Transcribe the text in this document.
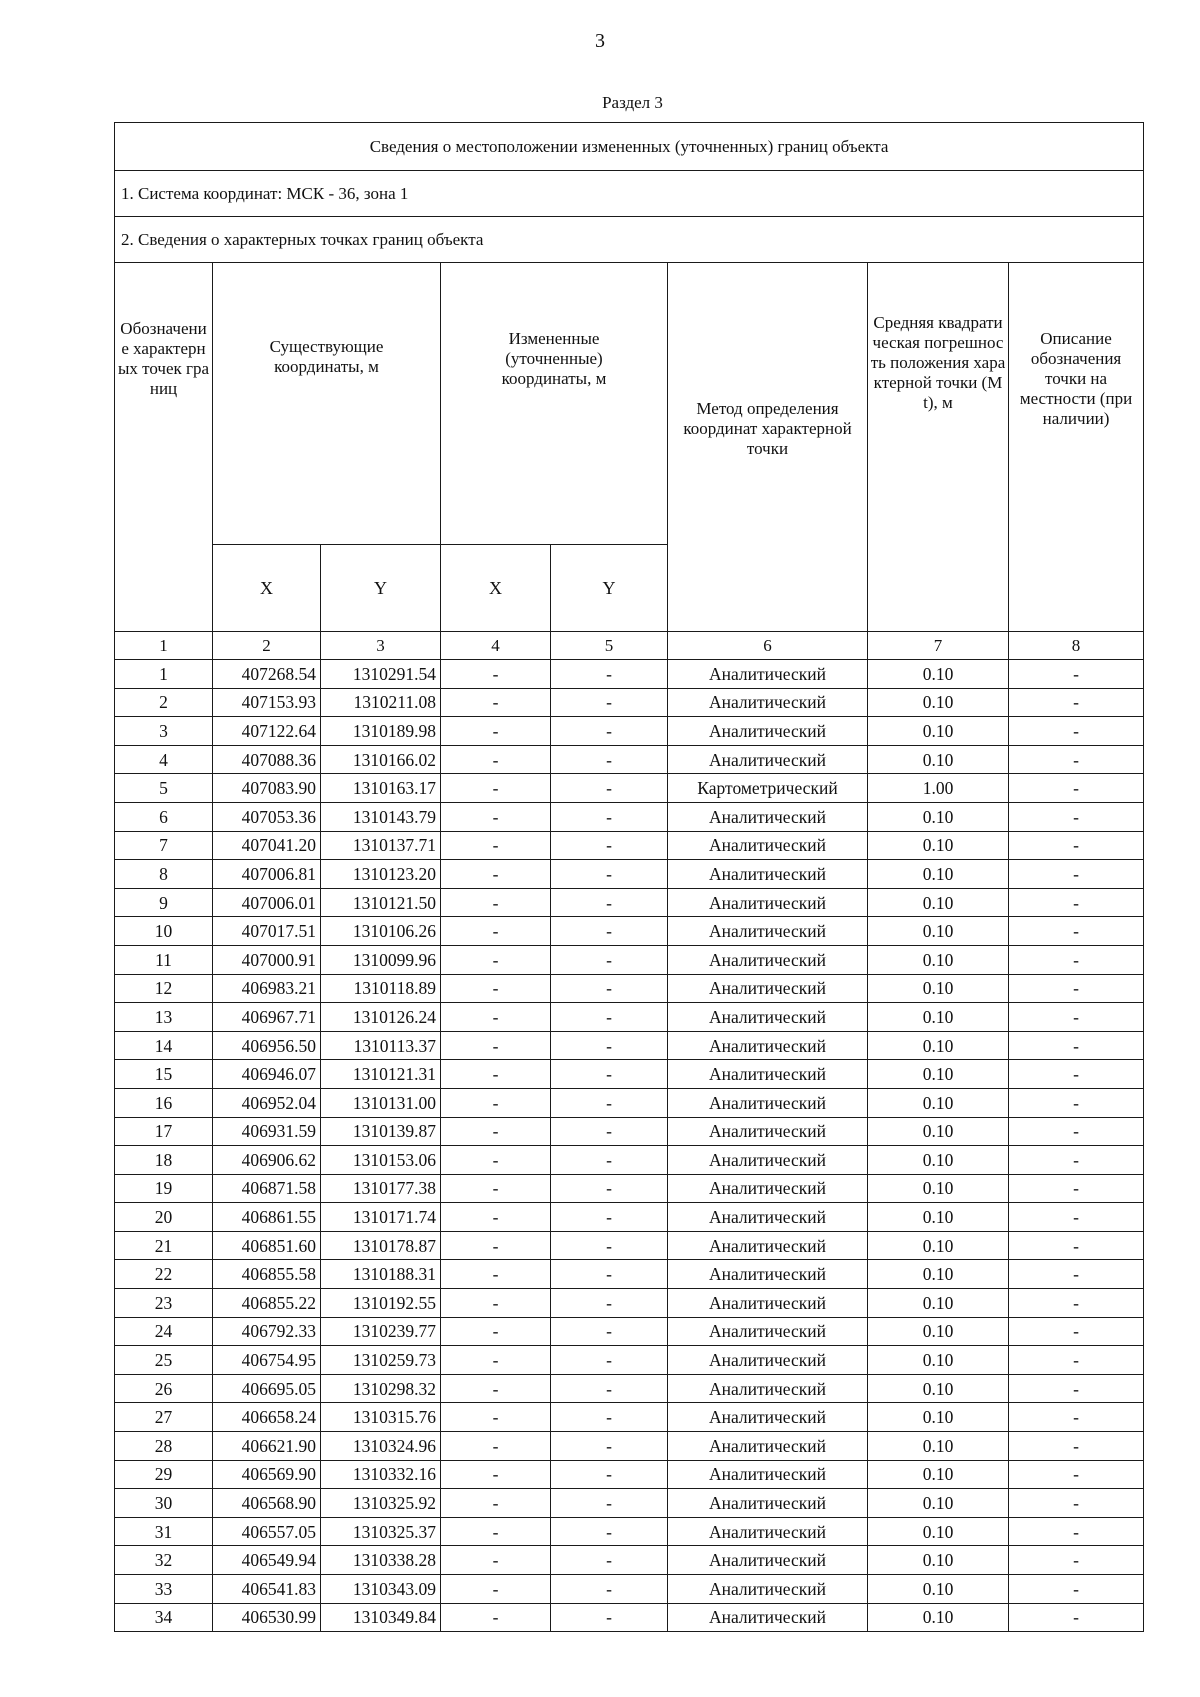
3
Раздел 3
Сведения о местоположении измененных (уточненных) границ объекта							
1. Система координат: МСК - 36, зона 1							
2. Сведения о характерных точках границ объекта							
Обозначение характерных точек границ	Существующие координаты, м		Измененные (уточненные) координаты, м		Метод определения координат характерной точки	Средняя квадратическая погрешность положения характерной точки (Mt), м	Описание обозначения точки на местности (при наличии)
	X	Y	X	Y			
1	2	3	4	5	6	7	8
1	407268.54	1310291.54	-	-	Аналитический	0.10	-
2	407153.93	1310211.08	-	-	Аналитический	0.10	-
3	407122.64	1310189.98	-	-	Аналитический	0.10	-
4	407088.36	1310166.02	-	-	Аналитический	0.10	-
5	407083.90	1310163.17	-	-	Картометрический	1.00	-
6	407053.36	1310143.79	-	-	Аналитический	0.10	-
7	407041.20	1310137.71	-	-	Аналитический	0.10	-
8	407006.81	1310123.20	-	-	Аналитический	0.10	-
9	407006.01	1310121.50	-	-	Аналитический	0.10	-
10	407017.51	1310106.26	-	-	Аналитический	0.10	-
11	407000.91	1310099.96	-	-	Аналитический	0.10	-
12	406983.21	1310118.89	-	-	Аналитический	0.10	-
13	406967.71	1310126.24	-	-	Аналитический	0.10	-
14	406956.50	1310113.37	-	-	Аналитический	0.10	-
15	406946.07	1310121.31	-	-	Аналитический	0.10	-
16	406952.04	1310131.00	-	-	Аналитический	0.10	-
17	406931.59	1310139.87	-	-	Аналитический	0.10	-
18	406906.62	1310153.06	-	-	Аналитический	0.10	-
19	406871.58	1310177.38	-	-	Аналитический	0.10	-
20	406861.55	1310171.74	-	-	Аналитический	0.10	-
21	406851.60	1310178.87	-	-	Аналитический	0.10	-
22	406855.58	1310188.31	-	-	Аналитический	0.10	-
23	406855.22	1310192.55	-	-	Аналитический	0.10	-
24	406792.33	1310239.77	-	-	Аналитический	0.10	-
25	406754.95	1310259.73	-	-	Аналитический	0.10	-
26	406695.05	1310298.32	-	-	Аналитический	0.10	-
27	406658.24	1310315.76	-	-	Аналитический	0.10	-
28	406621.90	1310324.96	-	-	Аналитический	0.10	-
29	406569.90	1310332.16	-	-	Аналитический	0.10	-
30	406568.90	1310325.92	-	-	Аналитический	0.10	-
31	406557.05	1310325.37	-	-	Аналитический	0.10	-
32	406549.94	1310338.28	-	-	Аналитический	0.10	-
33	406541.83	1310343.09	-	-	Аналитический	0.10	-
34	406530.99	1310349.84	-	-	Аналитический	0.10	-
